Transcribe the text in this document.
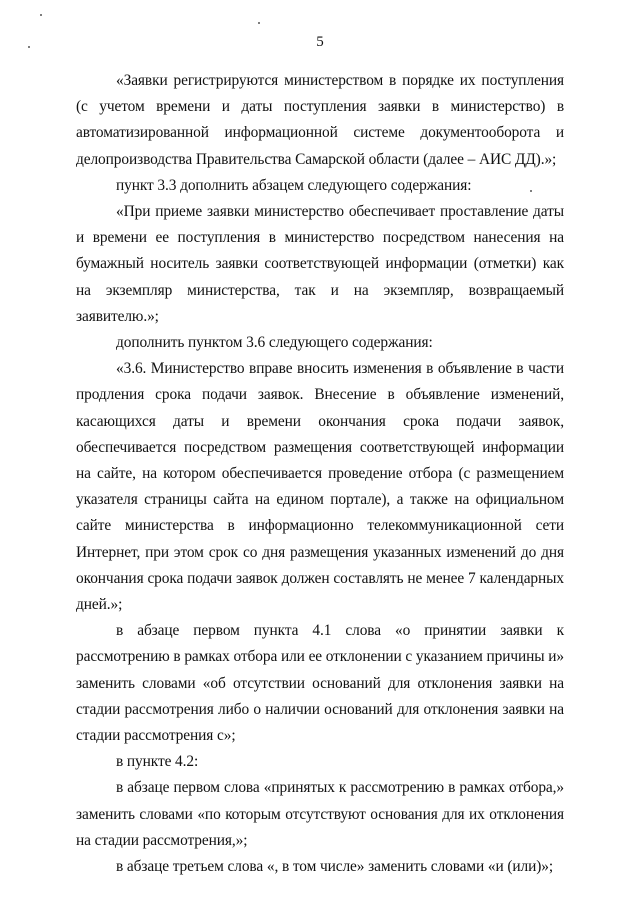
5

«Заявки регистрируются министерством в порядке их поступления (с учетом времени и даты поступления заявки в министерство) в автоматизированной информационной системе документооборота и делопроизводства Правительства Самарской области (далее – АИС ДД).»;

пункт 3.3 дополнить абзацем следующего содержания:

«При приеме заявки министерство обеспечивает проставление даты и времени ее поступления в министерство посредством нанесения на бумажный носитель заявки соответствующей информации (отметки) как на экземпляр министерства, так и на экземпляр, возвращаемый заявителю.»;

дополнить пунктом 3.6 следующего содержания:

«3.6. Министерство вправе вносить изменения в объявление в части продления срока подачи заявок. Внесение в объявление изменений, касающихся даты и времени окончания срока подачи заявок, обеспечивается посредством размещения соответствующей информации на сайте, на котором обеспечивается проведение отбора (с размещением указателя страницы сайта на едином портале), а также на официальном сайте министерства в информационно телекоммуникационной сети Интернет, при этом срок со дня размещения указанных изменений до дня окончания срока подачи заявок должен составлять не менее 7 календарных дней.»;

в абзаце первом пункта 4.1 слова «о принятии заявки к рассмотрению в рамках отбора или ее отклонении с указанием причины и» заменить словами «об отсутствии оснований для отклонения заявки на стадии рассмотрения либо о наличии оснований для отклонения заявки на стадии рассмотрения с»;

в пункте 4.2:

в абзаце первом слова «принятых к рассмотрению в рамках отбора,» заменить словами «по которым отсутствуют основания для их отклонения на стадии рассмотрения,»;

в абзаце третьем слова «, в том числе» заменить словами «и (или)»;
